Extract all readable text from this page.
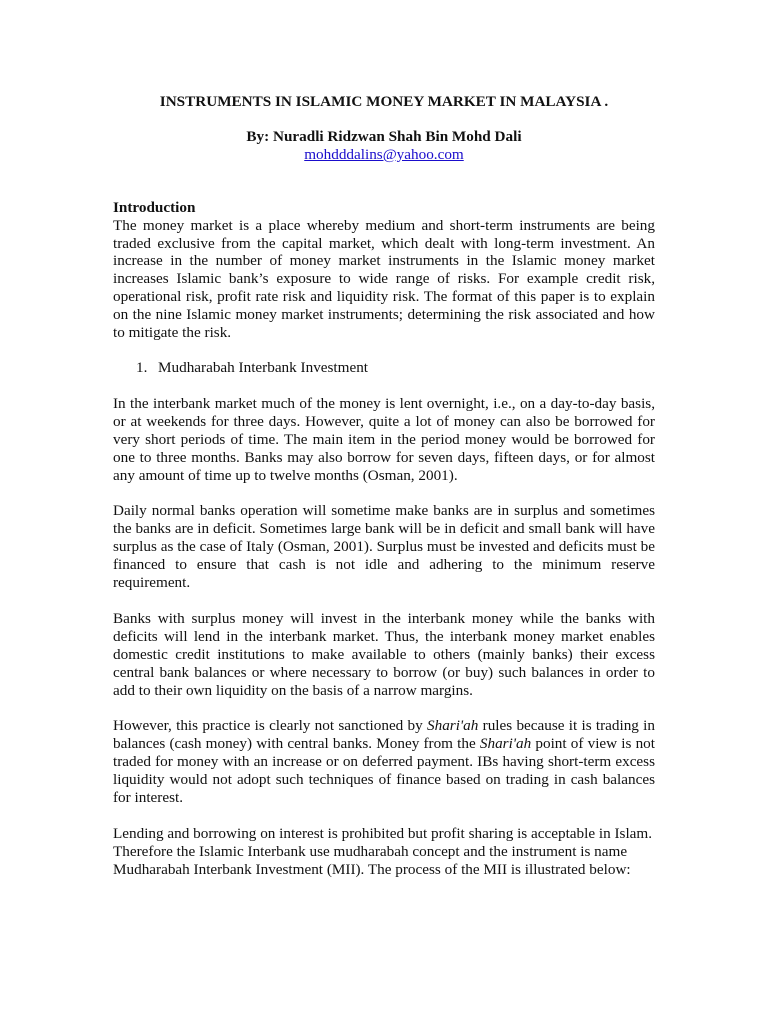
INSTRUMENTS IN ISLAMIC MONEY MARKET IN MALAYSIA .

By: Nuradli Ridzwan Shah Bin Mohd Dali

mohdddalins@yahoo.com

Introduction

The money market is a place whereby medium and short-term instruments are being traded exclusive from the capital market, which dealt with long-term investment. An increase in the number of money market instruments in the Islamic money market increases Islamic bank’s exposure to wide range of risks. For example credit risk, operational risk, profit rate risk and liquidity risk. The format of this paper is to explain on the nine Islamic money market instruments; determining the risk associated and how to mitigate the risk.

1. Mudharabah Interbank Investment

In the interbank market much of the money is lent overnight, i.e., on a day-to-day basis, or at weekends for three days. However, quite a lot of money can also be borrowed for very short periods of time. The main item in the period money would be borrowed for one to three months. Banks may also borrow for seven days, fifteen days, or for almost any amount of time up to twelve months (Osman, 2001).

Daily normal banks operation will sometime make banks are in surplus and sometimes the banks are in deficit. Sometimes large bank will be in deficit and small bank will have surplus as the case of Italy (Osman, 2001). Surplus must be invested and deficits must be financed to ensure that cash is not idle and adhering to the minimum reserve requirement.

Banks with surplus money will invest in the interbank money while the banks with deficits will lend in the interbank market. Thus, the interbank money market enables domestic credit institutions to make available to others (mainly banks) their excess central bank balances or where necessary to borrow (or buy) such balances in order to add to their own liquidity on the basis of a narrow margins.

However, this practice is clearly not sanctioned by Shari'ah rules because it is trading in balances (cash money) with central banks. Money from the Shari'ah point of view is not traded for money with an increase or on deferred payment. IBs having short-term excess liquidity would not adopt such techniques of finance based on trading in cash balances for interest.

Lending and borrowing on interest is prohibited but profit sharing is acceptable in Islam.
Therefore the Islamic Interbank use mudharabah concept and the instrument is name
Mudharabah Interbank Investment (MII). The process of the MII is illustrated below:
